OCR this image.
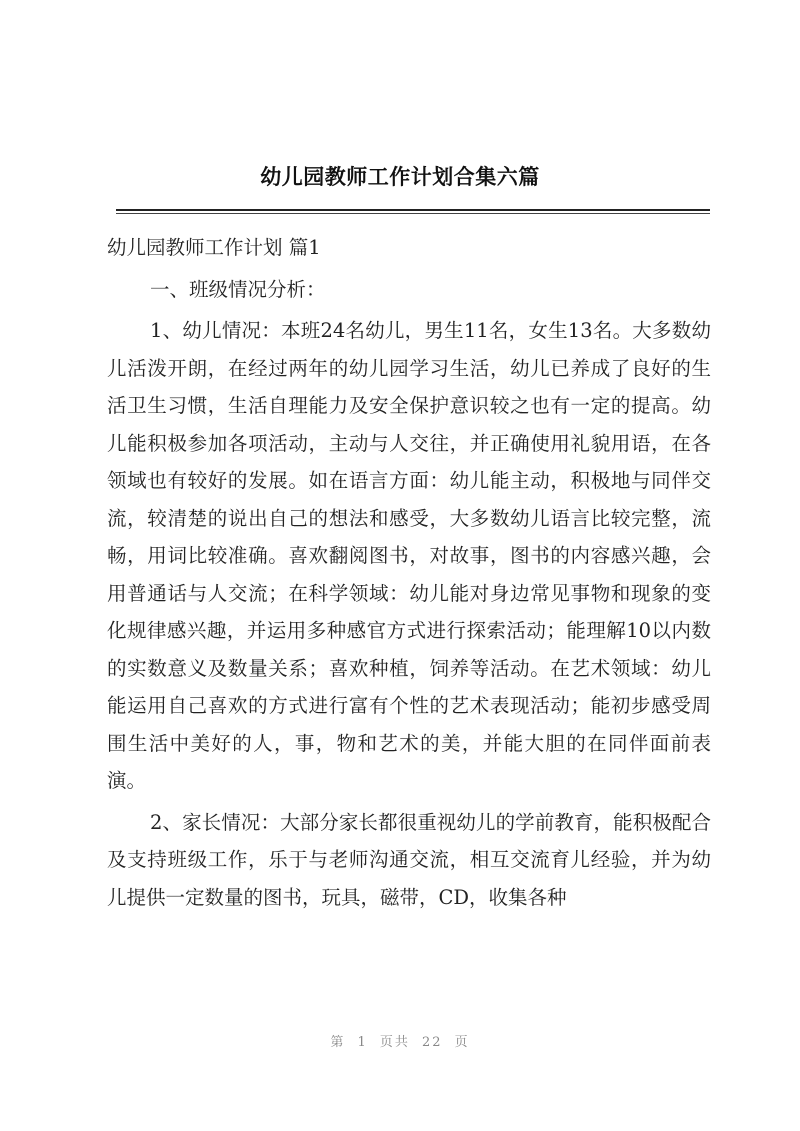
幼儿园教师工作计划合集六篇

幼儿园教师工作计划 篇1

一、班级情况分析：

1、幼儿情况：本班24名幼儿，男生11名，女生13名。大多数幼儿活泼开朗，在经过两年的幼儿园学习生活，幼儿已养成了良好的生活卫生习惯，生活自理能力及安全保护意识较之也有一定的提高。幼儿能积极参加各项活动，主动与人交往，并正确使用礼貌用语，在各领域也有较好的发展。如在语言方面：幼儿能主动，积极地与同伴交流，较清楚的说出自己的想法和感受，大多数幼儿语言比较完整，流畅，用词比较准确。喜欢翻阅图书，对故事，图书的内容感兴趣，会用普通话与人交流；在科学领域：幼儿能对身边常见事物和现象的变化规律感兴趣，并运用多种感官方式进行探索活动；能理解10以内数的实数意义及数量关系；喜欢种植，饲养等活动。在艺术领域：幼儿能运用自己喜欢的方式进行富有个性的艺术表现活动；能初步感受周围生活中美好的人，事，物和艺术的美，并能大胆的在同伴面前表演。

2、家长情况：大部分家长都很重视幼儿的学前教育，能积极配合及支持班级工作，乐于与老师沟通交流，相互交流育儿经验，并为幼儿提供一定数量的图书，玩具，磁带，CD，收集各种

第 1 页共 22 页
